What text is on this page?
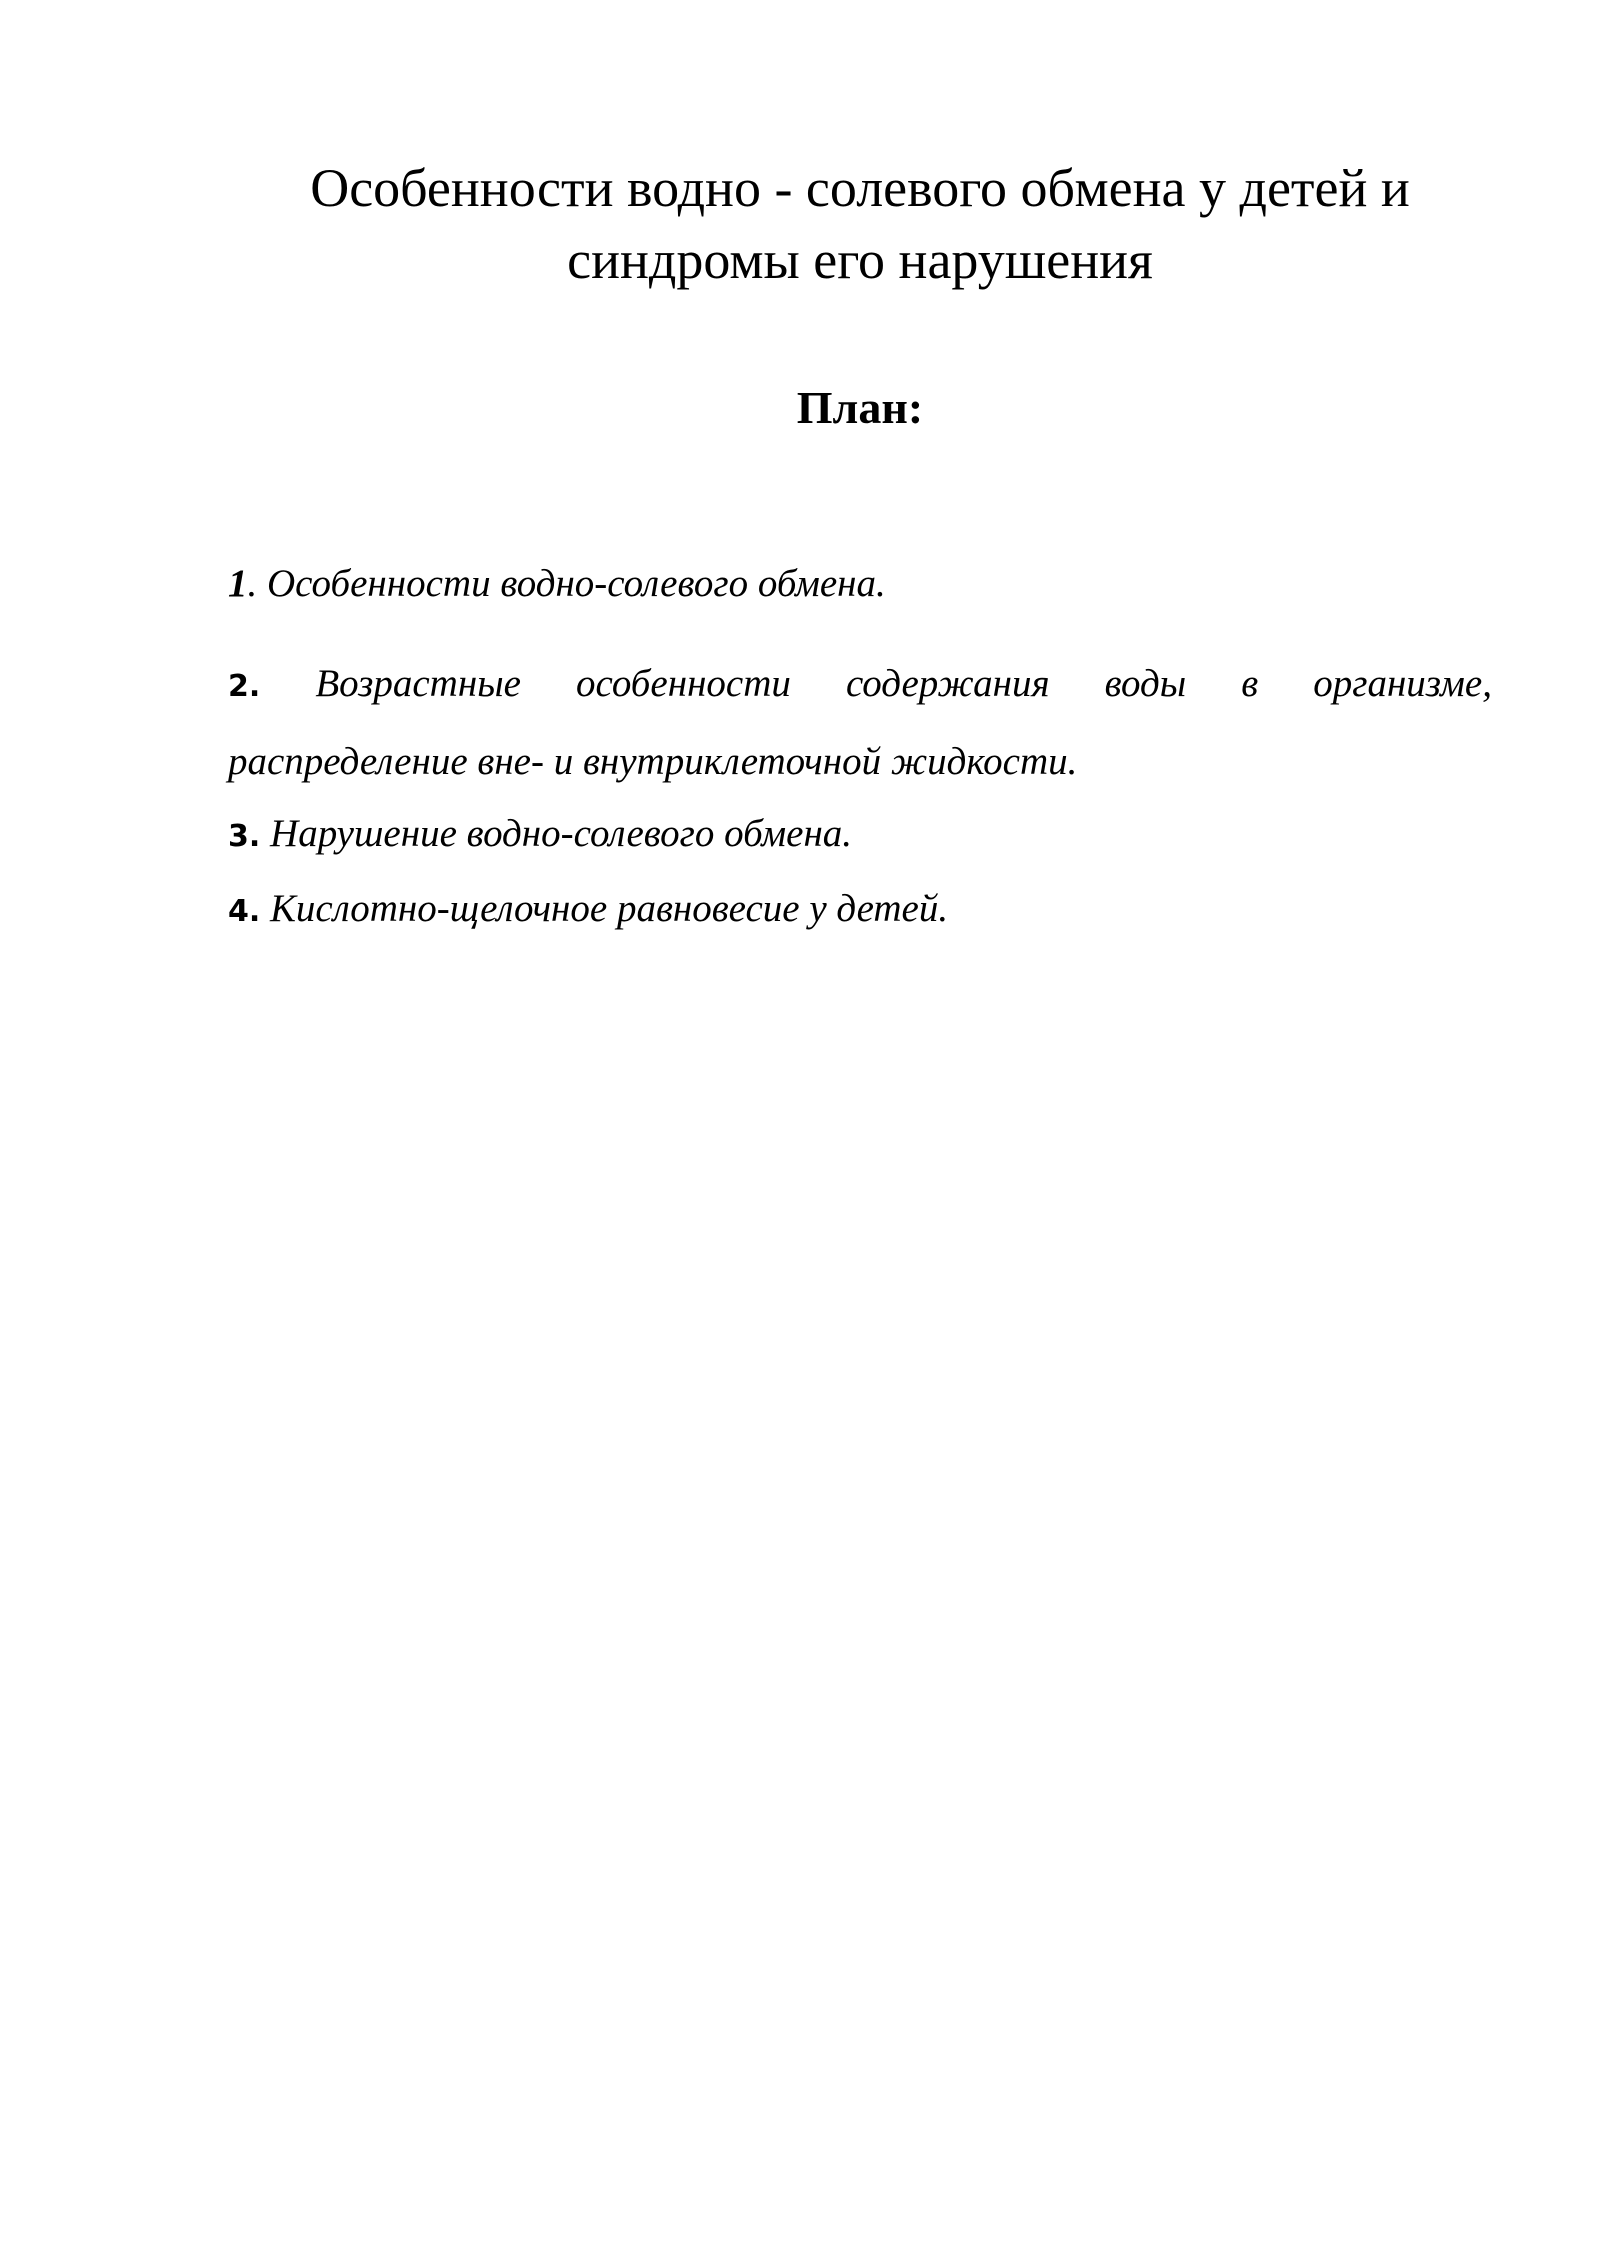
Особенности водно - солевого обмена у детей и синдромы его нарушения
План:

1. Особенности водно-солевого обмена.

2. Возрастные особенности содержания воды в организме,
распределение вне- и внутриклеточной жидкости.

3. Нарушение водно-солевого обмена.

4. Кислотно-щелочное равновесие у детей.
